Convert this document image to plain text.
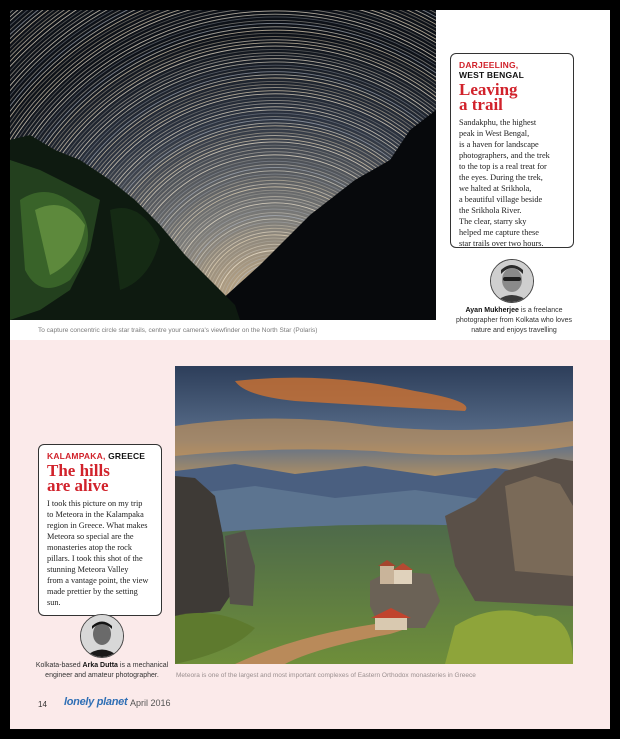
To capture concentric circle star trails, centre your camera's viewfinder on the North Star (Polaris)
DARJEELING,
WEST BENGAL
Leaving
a trail
Sandakphu, the highest
peak in West Bengal,
is a haven for landscape
photographers, and the trek
to the top is a real treat for
the eyes. During the trek,
we halted at Srikhola,
a beautiful village beside
the Srikhola River.
The clear, starry sky
helped me capture these
star trails over two hours.
Ayan Mukherjee is a freelance
photographer from Kolkata who loves
nature and enjoys travelling
Meteora is one of the largest and most important complexes of Eastern Orthodox monasteries in Greece
KALAMPAKA, GREECE
The hills
are alive
I took this picture on my trip
to Meteora in the Kalampaka
region in Greece. What makes
Meteora so special are the
monasteries atop the rock
pillars. I took this shot of the
stunning Meteora Valley
from a vantage point, the view
made prettier by the setting sun.
Kolkata-based Arka Dutta is a mechanical
engineer and amateur photographer.
14 lonely planet April 2016
